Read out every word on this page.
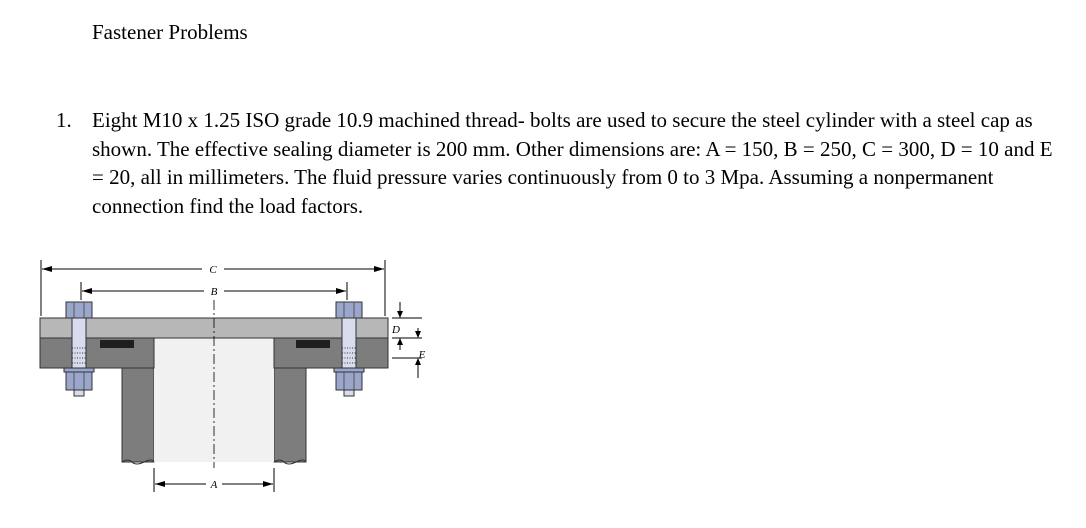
Fastener Problems
1. Eight M10 x 1.25 ISO grade 10.9 machined thread- bolts are used to secure the steel cylinder with a steel cap as shown. The effective sealing diameter is 200 mm. Other dimensions are: A = 150, B = 250, C = 300, D = 10 and E = 20, all in millimeters. The fluid pressure varies continuously from 0 to 3 Mpa. Assuming a nonpermanent connection find the load factors.
C
B
D
E
A
